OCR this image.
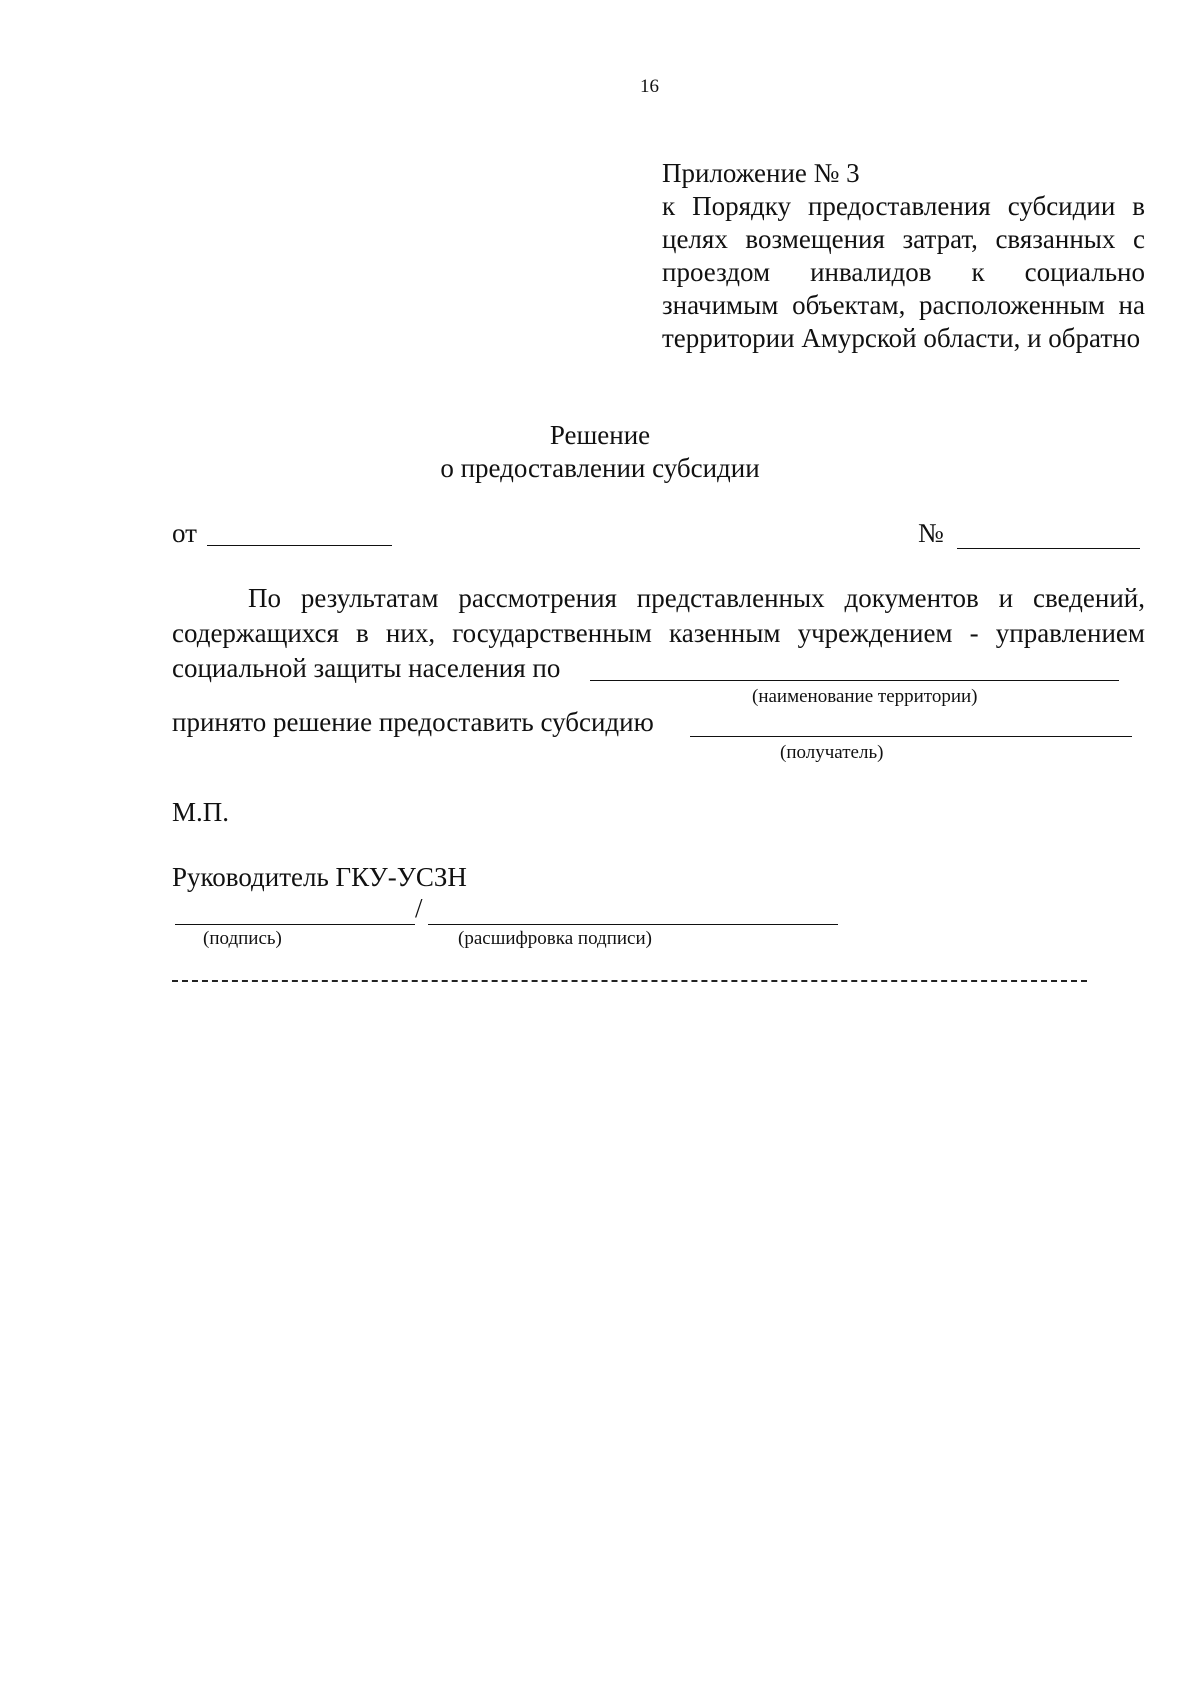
16
Приложение № 3
к Порядку предоставления субсидии в целях возмещения затрат, связанных с проездом инвалидов к социально значимым объектам, расположенным на территории Амурской области, и обратно
Решение
о предоставлении субсидии
от	№
По результатам рассмотрения представленных документов и сведений,
содержащихся в них, государственным казенным учреждением - управлением
социальной защиты населения по
(наименование территории)
принято решение предоставить субсидию
(получатель)
М.П.
Руководитель ГКУ-УСЗН
/
(подпись)	(расшифровка подписи)
